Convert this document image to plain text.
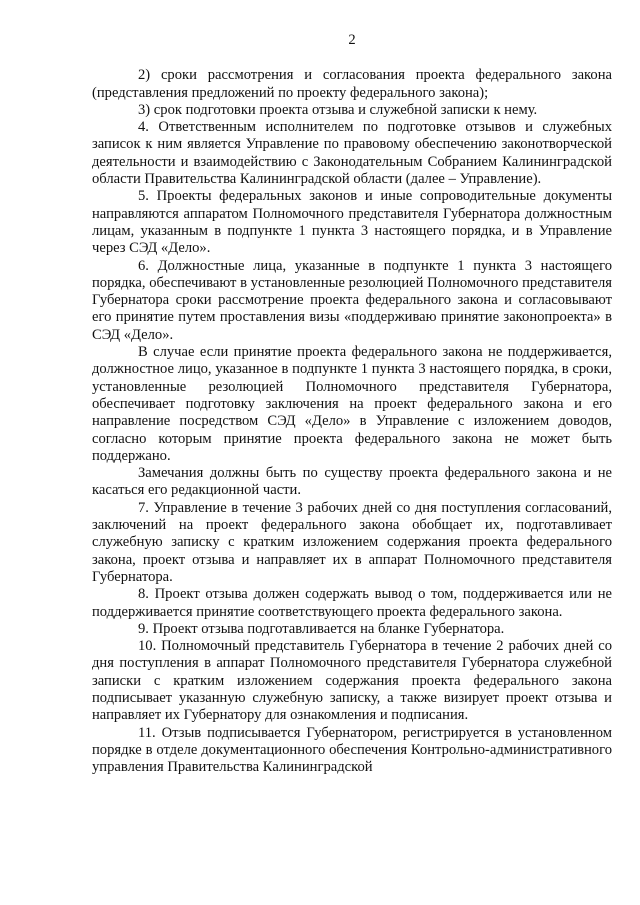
2

2) сроки рассмотрения и согласования проекта федерального закона (представления предложений по проекту федерального закона);

3) срок подготовки проекта отзыва и служебной записки к нему.

4. Ответственным исполнителем по подготовке отзывов и служебных записок к ним является Управление по правовому обеспечению законотворческой деятельности и взаимодействию с Законодательным Собранием Калининградской области Правительства Калининградской области (далее – Управление).

5. Проекты федеральных законов и иные сопроводительные документы направляются аппаратом Полномочного представителя Губернатора должностным лицам, указанным в подпункте 1 пункта 3 настоящего порядка, и в Управление через СЭД «Дело».

6. Должностные лица, указанные в подпункте 1 пункта 3 настоящего порядка, обеспечивают в установленные резолюцией Полномочного представителя Губернатора сроки рассмотрение проекта федерального закона и согласовывают его принятие путем проставления визы «поддерживаю принятие законопроекта» в СЭД «Дело».

В случае если принятие проекта федерального закона не поддерживается, должностное лицо, указанное в подпункте 1 пункта 3 настоящего порядка, в сроки, установленные резолюцией Полномочного представителя Губернатора, обеспечивает подготовку заключения на проект федерального закона и его направление посредством СЭД «Дело» в Управление с изложением доводов, согласно которым принятие проекта федерального закона не может быть поддержано.

Замечания должны быть по существу проекта федерального закона и не касаться его редакционной части.

7. Управление в течение 3 рабочих дней со дня поступления согласований, заключений на проект федерального закона обобщает их, подготавливает служебную записку с кратким изложением содержания проекта федерального закона, проект отзыва и направляет их в аппарат Полномочного представителя Губернатора.

8. Проект отзыва должен содержать вывод о том, поддерживается или не поддерживается принятие соответствующего проекта федерального закона.

9. Проект отзыва подготавливается на бланке Губернатора.

10. Полномочный представитель Губернатора в течение 2 рабочих дней со дня поступления в аппарат Полномочного представителя Губернатора служебной записки с кратким изложением содержания проекта федерального закона подписывает указанную служебную записку, а также визирует проект отзыва и направляет их Губернатору для ознакомления и подписания.

11. Отзыв подписывается Губернатором, регистрируется в установленном порядке в отделе документационного обеспечения Контрольно-административного управления Правительства Калининградской
